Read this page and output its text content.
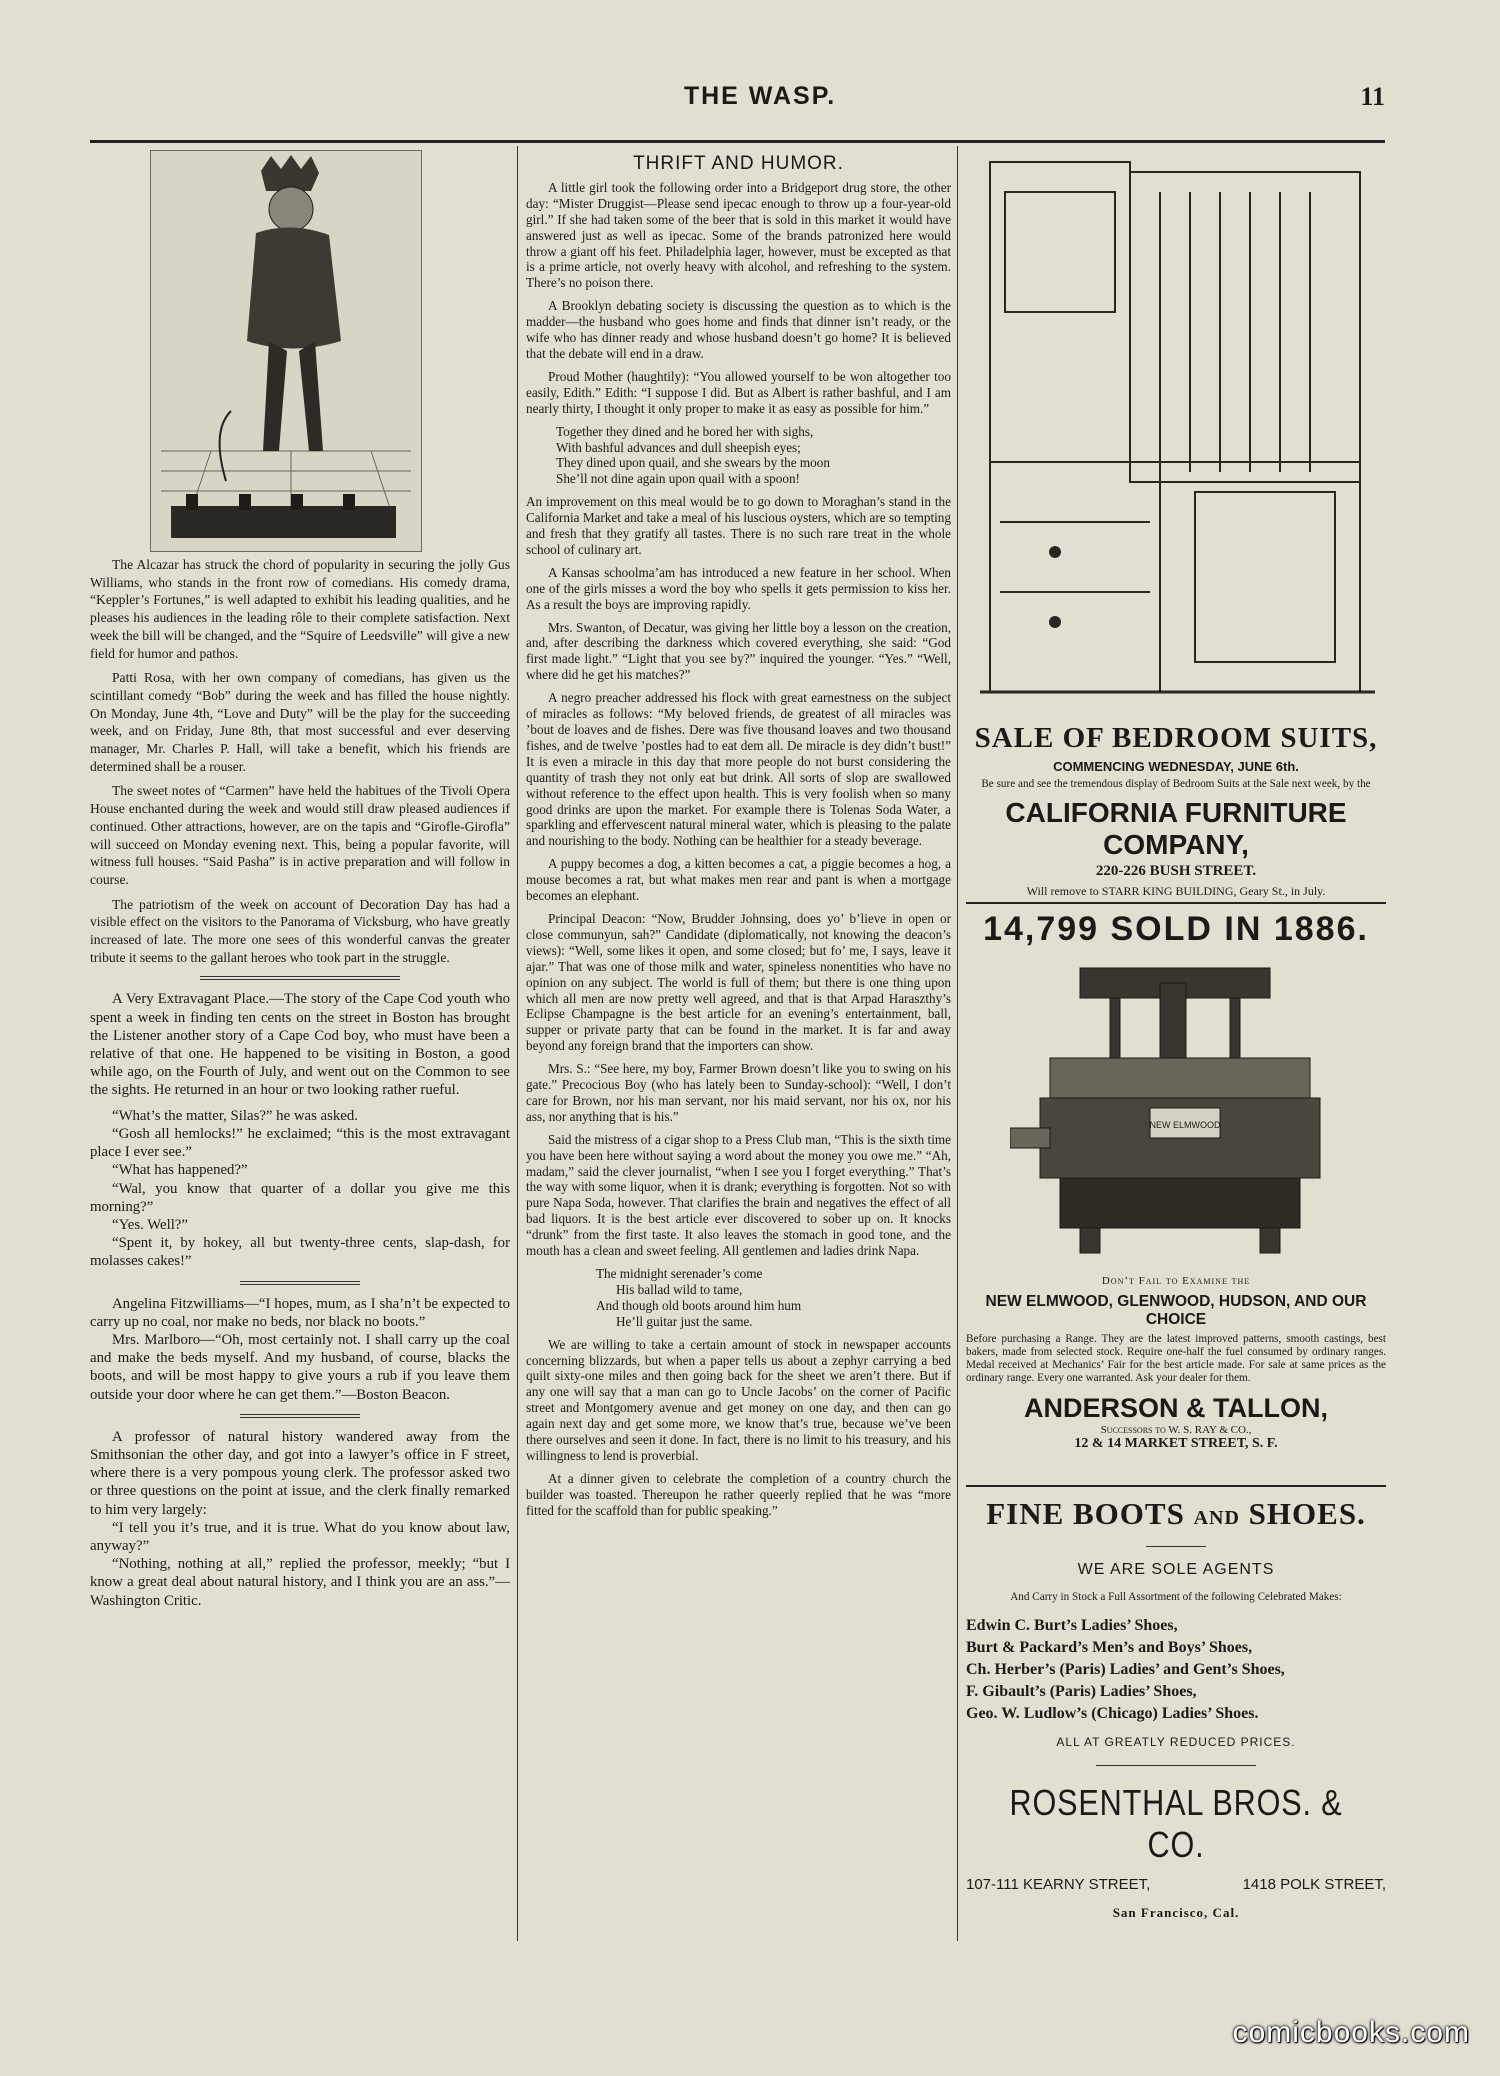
THE WASP.	11

The Alcazar has struck the chord of popularity in securing the jolly Gus Williams, who stands in the front row of comedians. His comedy drama, “Keppler’s Fortunes,” is well adapted to exhibit his leading qualities, and he pleases his audiences in the leading rôle to their complete satisfaction. Next week the bill will be changed, and the “Squire of Leedsville” will give a new field for humor and pathos.

Patti Rosa, with her own company of comedians, has given us the scintillant comedy “Bob” during the week and has filled the house nightly. On Monday, June 4th, “Love and Duty” will be the play for the succeeding week, and on Friday, June 8th, that most successful and ever deserving manager, Mr. Charles P. Hall, will take a benefit, which his friends are determined shall be a rouser.

The sweet notes of “Carmen” have held the habitues of the Tivoli Opera House enchanted during the week and would still draw pleased audiences if continued. Other attractions, however, are on the tapis and “Girofle-Girofla” will succeed on Monday evening next. This, being a popular favorite, will witness full houses. “Said Pasha” is in active preparation and will follow in course.

The patriotism of the week on account of Decoration Day has had a visible effect on the visitors to the Panorama of Vicksburg, who have greatly increased of late. The more one sees of this wonderful canvas the greater tribute it seems to the gallant heroes who took part in the struggle.

A Very Extravagant Place.—The story of the Cape Cod youth who spent a week in finding ten cents on the street in Boston has brought the Listener another story of a Cape Cod boy, who must have been a relative of that one. He happened to be visiting in Boston, a good while ago, on the Fourth of July, and went out on the Common to see the sights. He returned in an hour or two looking rather rueful.

“What’s the matter, Silas?” he was asked.

“Gosh all hemlocks!” he exclaimed; “this is the most extravagant place I ever see.”

“What has happened?”

“Wal, you know that quarter of a dollar you give me this morning?”

“Yes. Well?”

“Spent it, by hokey, all but twenty-three cents, slap-dash, for molasses cakes!”

Angelina Fitzwilliams—“I hopes, mum, as I sha’n’t be expected to carry up no coal, nor make no beds, nor black no boots.”

Mrs. Marlboro—“Oh, most certainly not. I shall carry up the coal and make the beds myself. And my husband, of course, blacks the boots, and will be most happy to give yours a rub if you leave them outside your door where he can get them.”—Boston Beacon.

A professor of natural history wandered away from the Smithsonian the other day, and got into a lawyer’s office in F street, where there is a very pompous young clerk. The professor asked two or three questions on the point at issue, and the clerk finally remarked to him very largely:

“I tell you it’s true, and it is true. What do you know about law, anyway?”

“Nothing, nothing at all,” replied the professor, meekly; “but I know a great deal about natural history, and I think you are an ass.”—Washington Critic.

THRIFT AND HUMOR.

A little girl took the following order into a Bridgeport drug store, the other day: “Mister Druggist—Please send ipecac enough to throw up a four-year-old girl.” If she had taken some of the beer that is sold in this market it would have answered just as well as ipecac. Some of the brands patronized here would throw a giant off his feet. Philadelphia lager, however, must be excepted as that is a prime article, not overly heavy with alcohol, and refreshing to the system. There’s no poison there.

A Brooklyn debating society is discussing the question as to which is the madder—the husband who goes home and finds that dinner isn’t ready, or the wife who has dinner ready and whose husband doesn’t go home? It is believed that the debate will end in a draw.

Proud Mother (haughtily): “You allowed yourself to be won altogether too easily, Edith.” Edith: “I suppose I did. But as Albert is rather bashful, and I am nearly thirty, I thought it only proper to make it as easy as possible for him.”

Together they dined and he bored her with sighs,
With bashful advances and dull sheepish eyes;
They dined upon quail, and she swears by the moon
She’ll not dine again upon quail with a spoon!

An improvement on this meal would be to go down to Moraghan’s stand in the California Market and take a meal of his luscious oysters, which are so tempting and fresh that they gratify all tastes. There is no such rare treat in the whole school of culinary art.

A Kansas schoolma’am has introduced a new feature in her school. When one of the girls misses a word the boy who spells it gets permission to kiss her. As a result the boys are improving rapidly.

Mrs. Swanton, of Decatur, was giving her little boy a lesson on the creation, and, after describing the darkness which covered everything, she said: “God first made light.” “Light that you see by?” inquired the younger. “Yes.” “Well, where did he get his matches?”

A negro preacher addressed his flock with great earnestness on the subject of miracles as follows: “My beloved friends, de greatest of all miracles was ’bout de loaves and de fishes. Dere was five thousand loaves and two thousand fishes, and de twelve ’postles had to eat dem all. De miracle is dey didn’t bust!” It is even a miracle in this day that more people do not burst considering the quantity of trash they not only eat but drink. All sorts of slop are swallowed without reference to the effect upon health. This is very foolish when so many good drinks are upon the market. For example there is Tolenas Soda Water, a sparkling and effervescent natural mineral water, which is pleasing to the palate and nourishing to the body. Nothing can be healthier for a steady beverage.

A puppy becomes a dog, a kitten becomes a cat, a piggie becomes a hog, a mouse becomes a rat, but what makes men rear and pant is when a mortgage becomes an elephant.

Principal Deacon: “Now, Brudder Johnsing, does yo’ b’lieve in open or close communyun, sah?” Candidate (diplomatically, not knowing the deacon’s views): “Well, some likes it open, and some closed; but fo’ me, I says, leave it ajar.” That was one of those milk and water, spineless nonentities who have no opinion on any subject. The world is full of them; but there is one thing upon which all men are now pretty well agreed, and that is that Arpad Haraszthy’s Eclipse Champagne is the best article for an evening’s entertainment, ball, supper or private party that can be found in the market. It is far and away beyond any foreign brand that the importers can show.

Mrs. S.: “See here, my boy, Farmer Brown doesn’t like you to swing on his gate.” Precocious Boy (who has lately been to Sunday-school): “Well, I don’t care for Brown, nor his man servant, nor his maid servant, nor his ox, nor his ass, nor anything that is his.”

Said the mistress of a cigar shop to a Press Club man, “This is the sixth time you have been here without saying a word about the money you owe me.” “Ah, madam,” said the clever journalist, “when I see you I forget everything.” That’s the way with some liquor, when it is drank; everything is forgotten. Not so with pure Napa Soda, however. That clarifies the brain and negatives the effect of all bad liquors. It is the best article ever discovered to sober up on. It knocks “drunk” from the first taste. It also leaves the stomach in good tone, and the mouth has a clean and sweet feeling. All gentlemen and ladies drink Napa.

The midnight serenader’s come
His ballad wild to tame,
And though old boots around him hum
He’ll guitar just the same.

We are willing to take a certain amount of stock in newspaper accounts concerning blizzards, but when a paper tells us about a zephyr carrying a bed quilt sixty-one miles and then going back for the sheet we aren’t there. But if any one will say that a man can go to Uncle Jacobs’ on the corner of Pacific street and Montgomery avenue and get money on one day, and then can go again next day and get some more, we know that’s true, because we’ve been there ourselves and seen it done. In fact, there is no limit to his treasury, and his willingness to lend is proverbial.

At a dinner given to celebrate the completion of a country church the builder was toasted. Thereupon he rather queerly replied that he was “more fitted for the scaffold than for public speaking.”

SALE OF BEDROOM SUITS,
COMMENCING WEDNESDAY, JUNE 6th.
Be sure and see the tremendous display of Bedroom Suits at the Sale next week, by the
CALIFORNIA FURNITURE COMPANY,
220-226 BUSH STREET.
Will remove to STARR KING BUILDING, Geary St., in July.
14,799 SOLD IN 1886.
NEW ELMWOOD
Don’t Fail to Examine the
NEW ELMWOOD, GLENWOOD, HUDSON, AND OUR CHOICE
Before purchasing a Range. They are the latest improved patterns, smooth castings, best bakers, made from selected stock. Require one-half the fuel consumed by ordinary ranges. Medal received at Mechanics’ Fair for the best article made. For sale at same prices as the ordinary range. Every one warranted. Ask your dealer for them.
ANDERSON & TALLON,
Successors to W. S. RAY & CO.,
12 & 14 MARKET STREET, S. F.
FINE BOOTS AND SHOES.
WE ARE SOLE AGENTS
And Carry in Stock a Full Assortment of the following Celebrated Makes:
Edwin C. Burt’s Ladies’ Shoes,
Burt & Packard’s Men’s and Boys’ Shoes,
Ch. Herber’s (Paris) Ladies’ and Gent’s Shoes,
F. Gibault’s (Paris) Ladies’ Shoes,
Geo. W. Ludlow’s (Chicago) Ladies’ Shoes.
ALL AT GREATLY REDUCED PRICES.
ROSENTHAL BROS. & CO.
107-111 KEARNY STREET,	1418 POLK STREET,
San Francisco, Cal.
comicbooks.com
